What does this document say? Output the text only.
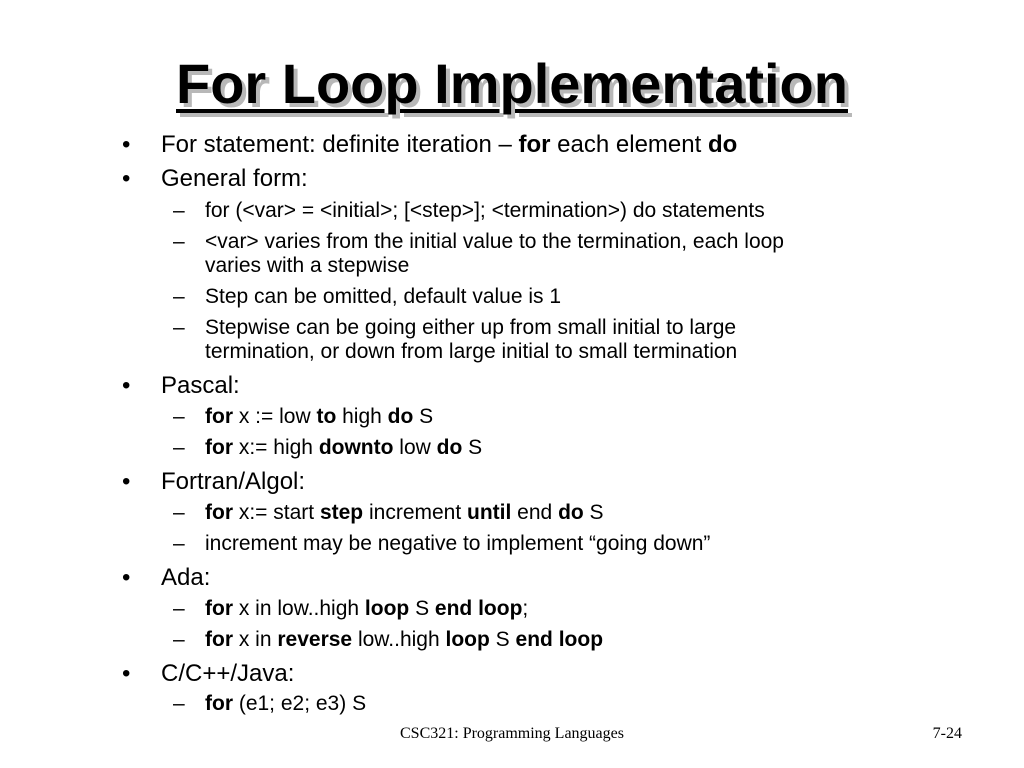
For Loop Implementation
• For statement: definite iteration – for each element do
• General form:
– for (<var> = <initial>; [<step>]; <termination>) do statements
– <var> varies from the initial value to the termination, each loop
varies with a stepwise
– Step can be omitted, default value is 1
– Stepwise can be going either up from small initial to large
termination, or down from large initial to small termination
• Pascal:
– for x := low to high do S
– for x:= high downto low do S
• Fortran/Algol:
– for x:= start step increment until end do S
– increment may be negative to implement “going down”
• Ada:
– for x in low..high loop S end loop;
– for x in reverse low..high loop S end loop
• C/C++/Java:
– for (e1; e2; e3) S
CSC321: Programming Languages	7-24
